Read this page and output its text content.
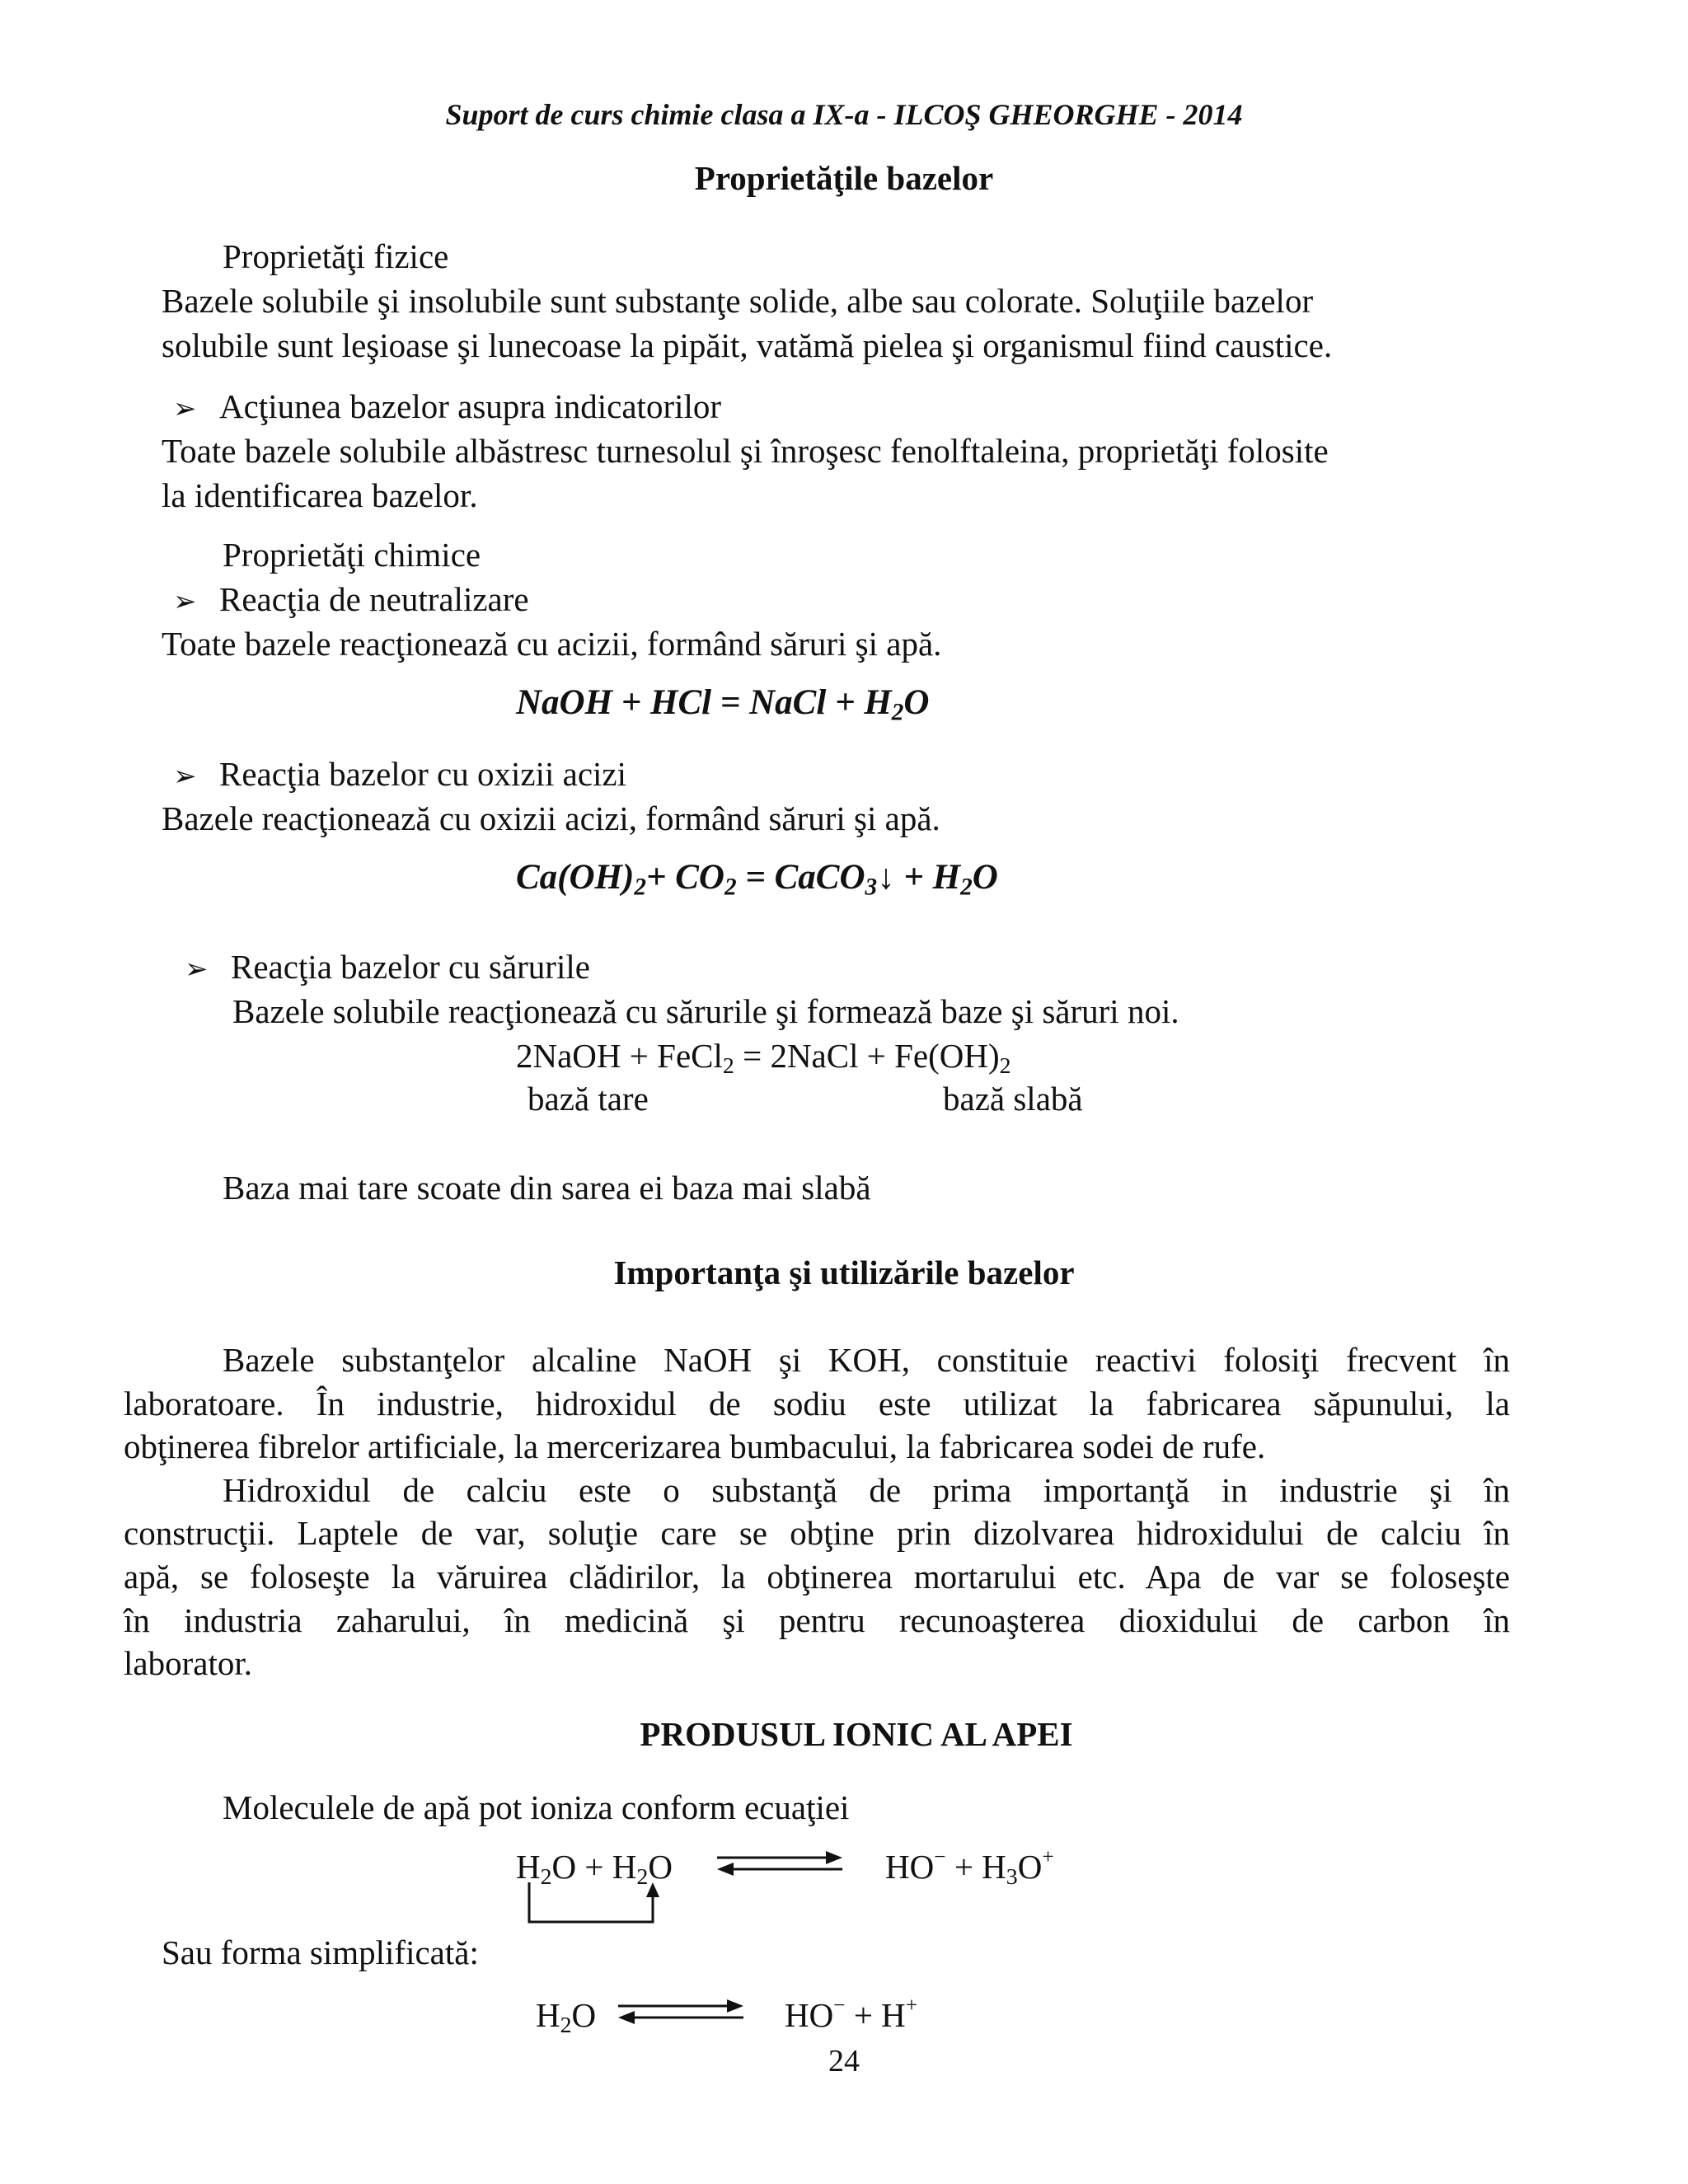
Suport de curs chimie clasa a IX-a - ILCOŞ GHEORGHE - 2014
Proprietăţile bazelor
Proprietăţi fizice
Bazele solubile şi insolubile sunt substanţe solide, albe sau colorate. Soluţiile bazelor
solubile sunt leşioase şi lunecoase la pipăit, vatămă pielea şi organismul fiind caustice.
➢ Acţiunea bazelor asupra indicatorilor
Toate bazele solubile albăstresc turnesolul şi înroşesc fenolftaleina, proprietăţi folosite
la identificarea bazelor.
Proprietăţi chimice
➢ Reacţia de neutralizare
Toate bazele reacţionează cu acizii, formând săruri şi apă.
NaOH + HCl = NaCl + $H_2O$
➢ Reacţia bazelor cu oxizii acizi
Bazele reacţionează cu oxizii acizi, formând săruri şi apă.
$Ca(OH)_2+ CO_2$ = CaCO$_3$↓ + $H_2O$
➢ Reacţia bazelor cu sărurile
Bazele solubile reacţionează cu sărurile şi formează baze şi săruri noi.
2NaOH + FeCl$_2$ = 2NaCl + $Fe(OH)_2$
bază tare	bază slabă
Baza mai tare scoate din sarea ei baza mai slabă
Importanţa şi utilizările bazelor
Bazele substanţelor alcaline NaOH şi KOH, constituie reactivi folosiţi frecvent în
laboratoare. În industrie, hidroxidul de sodiu este utilizat la fabricarea săpunului, la
obţinerea fibrelor artificiale, la mercerizarea bumbacului, la fabricarea sodei de rufe.
Hidroxidul de calciu este o substanţă de prima importanţă in industrie şi în
construcţii. Laptele de var, soluţie care se obţine prin dizolvarea hidroxidului de calciu în
apă, se foloseşte la văruirea clădirilor, la obţinerea mortarului etc. Apa de var se foloseşte
în industria zaharului, în medicină şi pentru recunoaşterea dioxidului de carbon în
laborator.
PRODUSUL IONIC AL APEI
Moleculele de apă pot ioniza conform ecuaţiei
$H_2O + H_2O$	$HO^- + H_3O^+$
Sau forma simplificată:
$H_2O$	HO− + H+
24
